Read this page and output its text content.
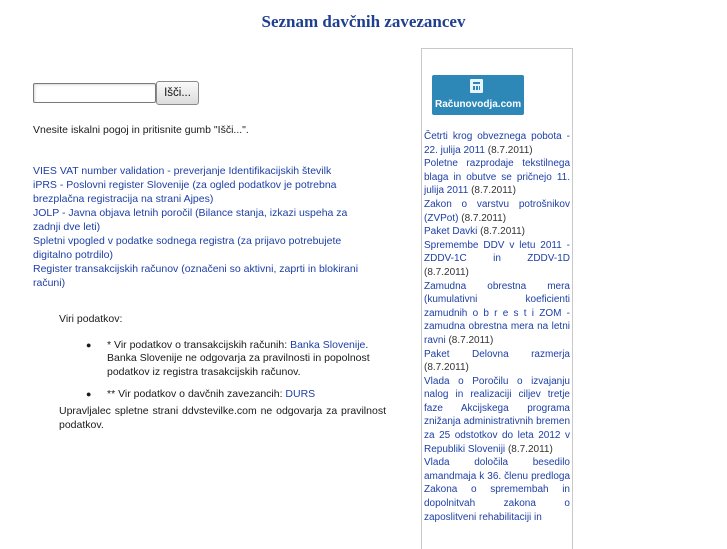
Seznam davčnih zavezancev
Išči...
Vnesite iskalni pogoj in pritisnite gumb "Išči...".
VIES VAT number validation - preverjanje Identifikacijskih številk
iPRS - Poslovni register Slovenije (za ogled podatkov je potrebna brezplačna registracija na strani Ajpes)
JOLP - Javna objava letnih poročil (Bilance stanja, izkazi uspeha za zadnji dve leti)
Spletni vpogled v podatke sodnega registra (za prijavo potrebujete digitalno potrdilo)
Register transakcijskih računov (označeni so aktivni, zaprti in blokirani računi)
Viri podatkov:
● * Vir podatkov o transakcijskih računih: Banka Slovenije. Banka Slovenije ne odgovarja za pravilnosti in popolnost podatkov iz registra trasakcijskih računov.
● ** Vir podatkov o davčnih zavezancih: DURS
Upravljalec spletne strani ddvstevilke.com ne odgovarja za pravilnost podatkov.
Računovodja.com
Četrti krog obveznega pobota - 22. julija 2011 (8.7.2011)
Poletne razprodaje tekstilnega blaga in obutve se pričnejo 11. julija 2011 (8.7.2011)
Zakon o varstvu potrošnikov (ZVPot) (8.7.2011)
Paket Davki (8.7.2011)
Spremembe DDV v letu 2011 - ZDDV-1C in ZDDV-1D (8.7.2011)
Zamudna obrestna mera (kumulativni koeficienti zamudnih o b r e s t i ZOM - zamudna obrestna mera na letni ravni (8.7.2011)
Paket Delovna razmerja (8.7.2011)
Vlada o Poročilu o izvajanju nalog in realizaciji ciljev tretje faze Akcijskega programa znižanja administrativnih bremen za 25 odstotkov do leta 2012 v Republiki Sloveniji (8.7.2011)
Vlada določila besedilo amandmaja k 36. členu predloga Zakona o spremembah in dopolnitvah zakona o zaposlitveni rehabilitaciji in
